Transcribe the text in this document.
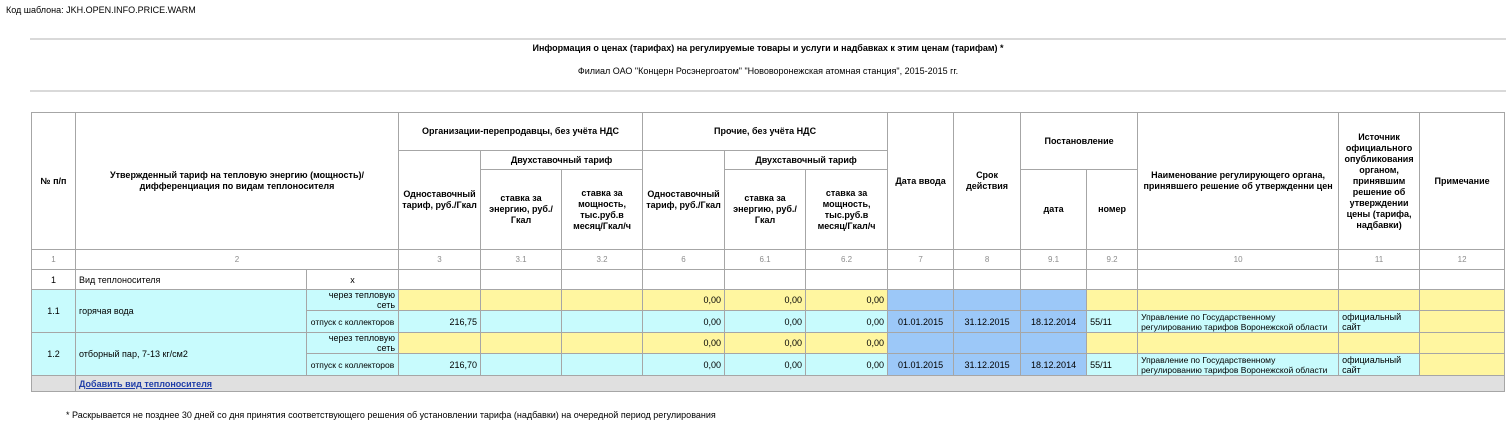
Код шаблона: JKH.OPEN.INFO.PRICE.WARM
Информация о ценах (тарифах) на регулируемые товары и услуги и надбавках к этим ценам (тарифам) *
Филиал ОАО "Концерн Росэнергоатом" "Нововоронежская атомная станция", 2015-2015 гг.
№ п/п	Утвержденный тариф на тепловую энергию (мощность)/ дифференциация по видам теплоносителя		Организации-перепродавцы, без учёта НДС			Прочие, без учёта НДС			Дата ввода	Срок действия	Постановление		Наименование регулирующего органа, принявшего решение об утвержденни цен	Источник официального опубликования органом, принявшим решение об утверждении цены (тарифа, надбавки)	Примечание
			Одноставочный тариф, руб./Гкал	Двухставочный тариф		Одноставочный тариф, руб./Гкал	Двухставочный тариф								
				ставка за энергию, руб./Гкал	ставка за мощность, тыс.руб.в месяц/Гкал/ч		ставка за энергию, руб./Гкал	ставка за мощность, тыс.руб.в месяц/Гкал/ч			дата	номер			
1	2		3	3.1	3.2	6	6.1	6.2	7	8	9.1	9.2	10	11	12
1	Вид теплоносителя	x													
1.1	горячая вода	через тепловую сеть				0,00	0,00	0,00							
		отпуск с коллекторов	216,75			0,00	0,00	0,00	01.01.2015	31.12.2015	18.12.2014	55/11	Управление по Государственному регулированию тарифов Воронежской области	официальный сайт	
1.2	отборный пар, 7-13 кг/см2	через тепловую сеть				0,00	0,00	0,00							
		отпуск с коллекторов	216,70			0,00	0,00	0,00	01.01.2015	31.12.2015	18.12.2014	55/11	Управление по Государственному регулированию тарифов Воронежской области	официальный сайт	
	Добавить вид теплоносителя														
* Раскрывается не позднее 30 дней со дня принятия соответствующего решения об установлении тарифа (надбавки) на очередной период регулирования
